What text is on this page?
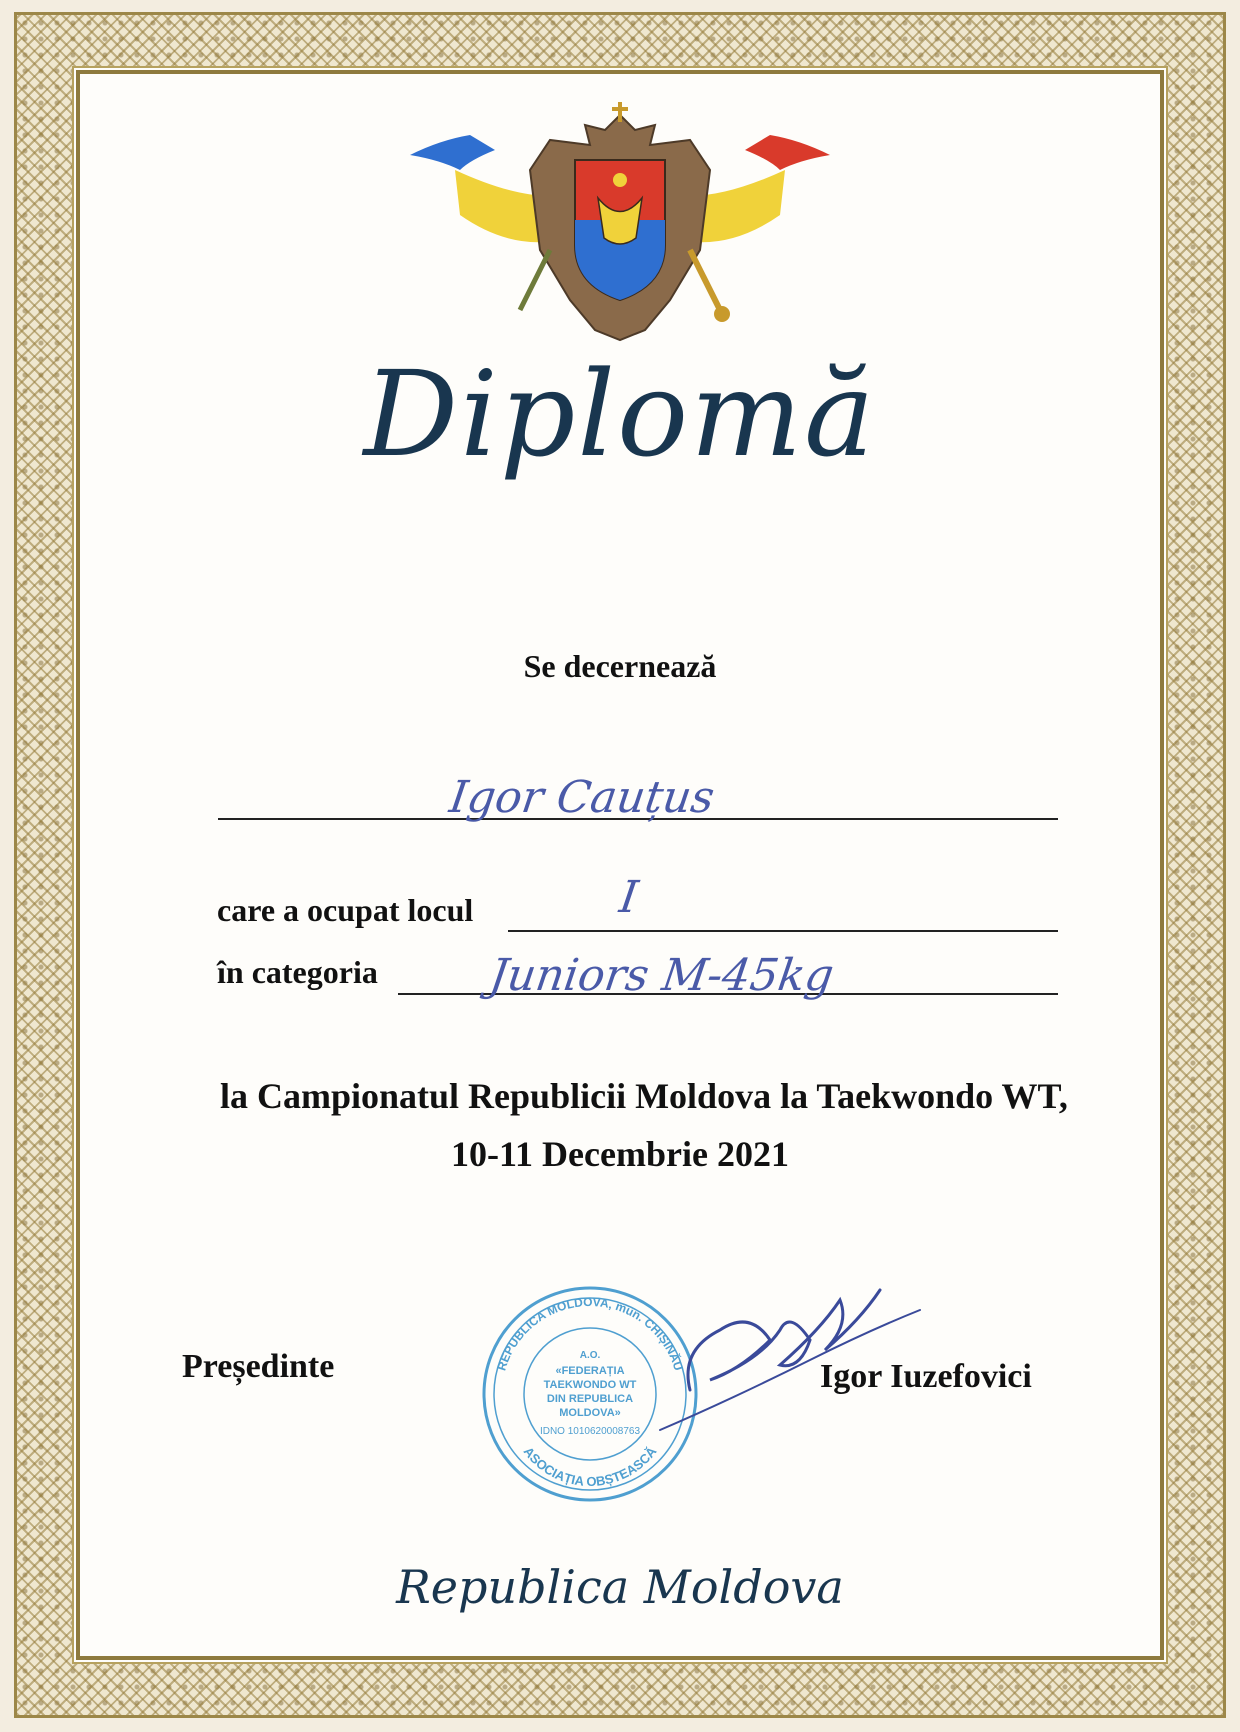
Diplomă
Se decernează
Igor Cauțus
care a ocupat locul	I
în categoria Juniors M-45kg
la Campionatul Republicii Moldova la Taekwondo WT,
10-11 Decembrie 2021
Președinte	REPUBLICA MOLDOVA, mun. CHIȘINĂU
ASOCIAȚIA OBȘTEASCĂ
A.O.
«FEDERAȚIA
TAEKWONDO WT
DIN REPUBLICA
MOLDOVA»
IDNO 1010620008763
Igor Iuzefovici
Republica Moldova
